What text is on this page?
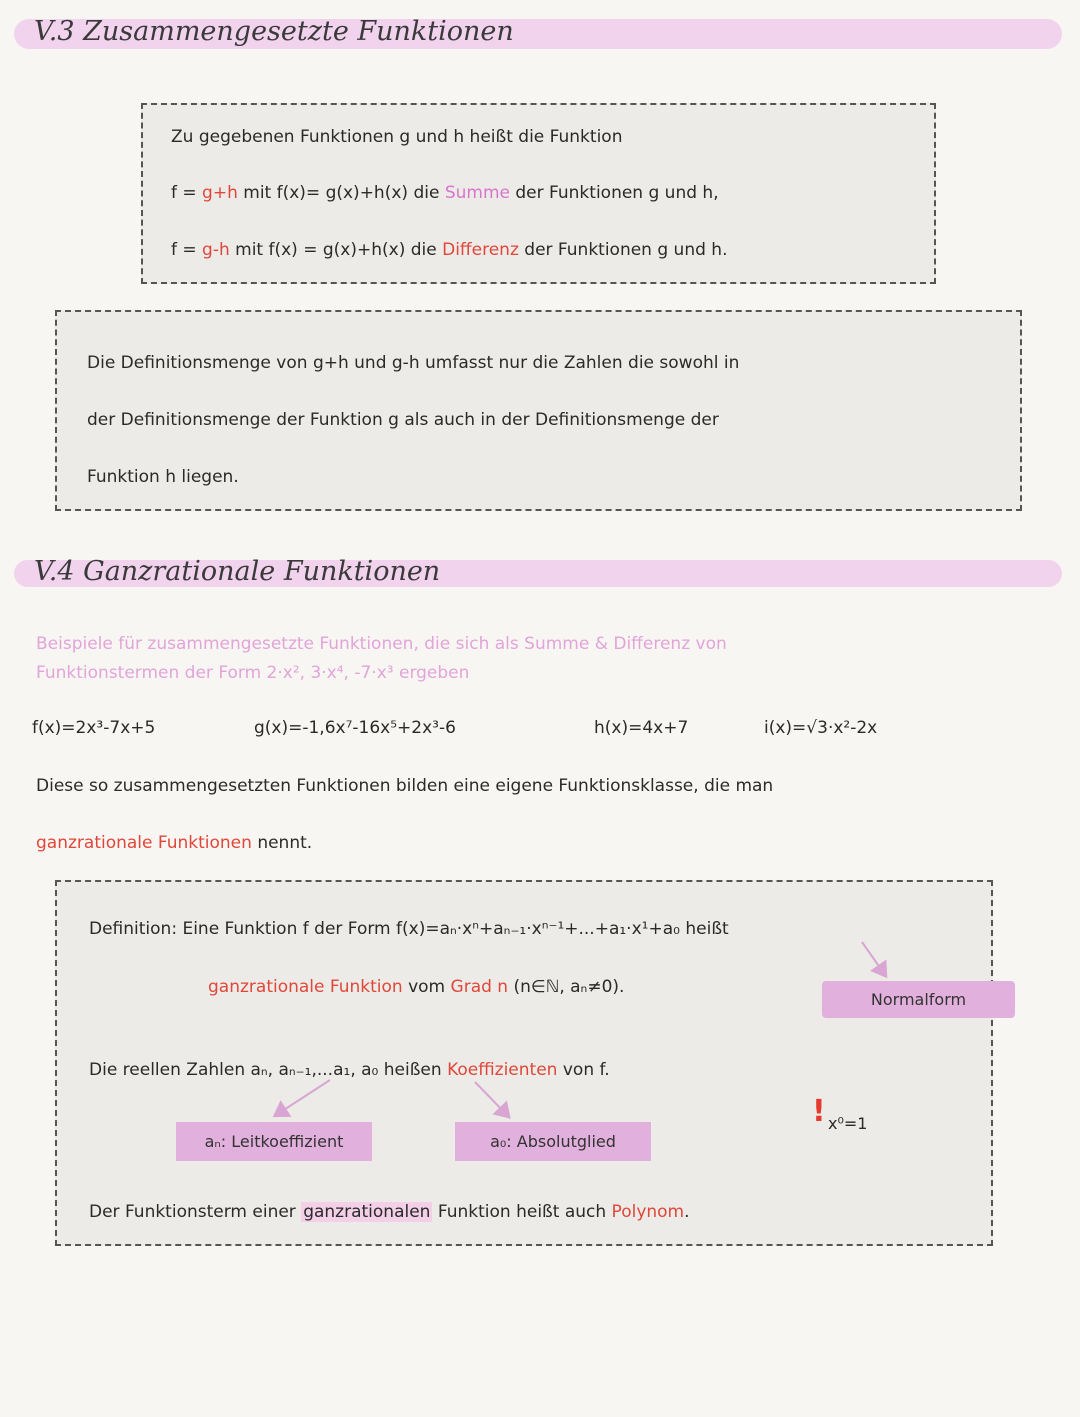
V.3 Zusammengesetzte Funktionen
Zu gegebenen Funktionen g und h heißt die Funktion
f = g+h mit f(x)= g(x)+h(x) die Summe der Funktionen g und h,
f = g-h mit f(x) = g(x)+h(x) die Differenz der Funktionen g und h.
Die Definitionsmenge von g+h und g-h umfasst nur die Zahlen die sowohl in
der Definitionsmenge der Funktion g als auch in der Definitionsmenge der
Funktion h liegen.
V.4 Ganzrationale Funktionen
Beispiele für zusammengesetzte Funktionen, die sich als Summe & Differenz von
Funktionstermen der Form 2·x², 3·x⁴, -7·x³ ergeben
f(x)=2x³-7x+5	g(x)=-1,6x⁷-16x⁵+2x³-6	h(x)=4x+7	i(x)=√3·x²-2x
Diese so zusammengesetzten Funktionen bilden eine eigene Funktionsklasse, die man
ganzrationale Funktionen nennt.
Definition: Eine Funktion f der Form f(x)=aₙ·xⁿ+aₙ₋₁·xⁿ⁻¹+...+a₁·x¹+a₀ heißt
ganzrationale Funktion vom Grad n (n∈ℕ, aₙ≠0).
Die reellen Zahlen aₙ, aₙ₋₁,...a₁, a₀ heißen Koeffizienten von f.
Der Funktionsterm einer ganzrationalen Funktion heißt auch Polynom.
Normalform
aₙ: Leitkoeffizient	a₀: Absolutglied
! x⁰=1
